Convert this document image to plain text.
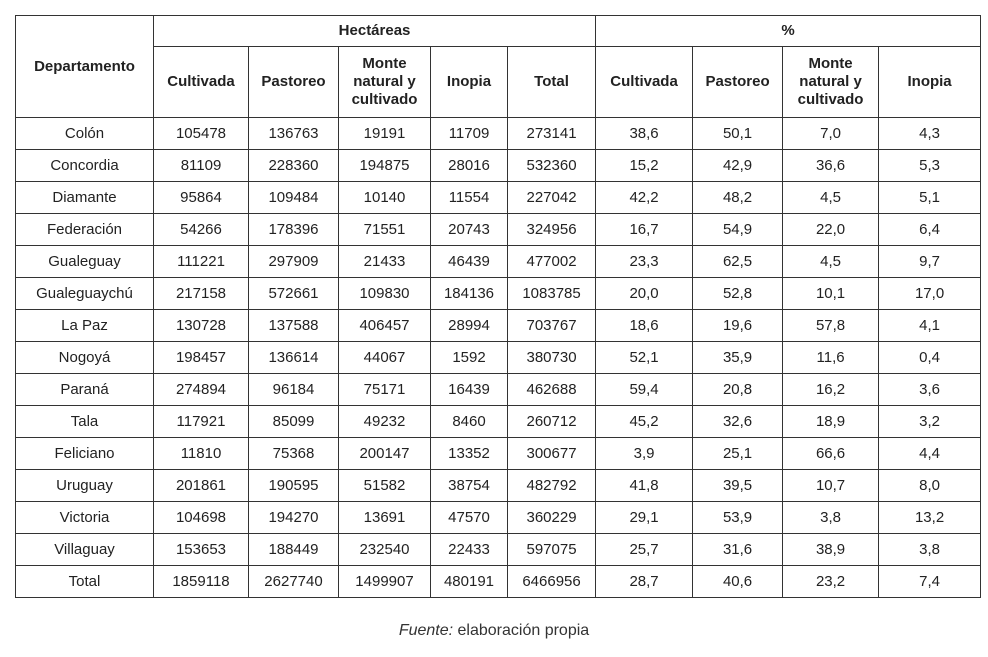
Departamento	Hectáreas					%			
	Cultivada	Pastoreo	Monte natural y cultivado	Inopia	Total	Cultivada	Pastoreo	Monte natural y cultivado	Inopia
Colón	105478	136763	19191	11709	273141	38,6	50,1	7,0	4,3
Concordia	81109	228360	194875	28016	532360	15,2	42,9	36,6	5,3
Diamante	95864	109484	10140	11554	227042	42,2	48,2	4,5	5,1
Federación	54266	178396	71551	20743	324956	16,7	54,9	22,0	6,4
Gualeguay	111221	297909	21433	46439	477002	23,3	62,5	4,5	9,7
Gualeguaychú	217158	572661	109830	184136	1083785	20,0	52,8	10,1	17,0
La Paz	130728	137588	406457	28994	703767	18,6	19,6	57,8	4,1
Nogoyá	198457	136614	44067	1592	380730	52,1	35,9	11,6	0,4
Paraná	274894	96184	75171	16439	462688	59,4	20,8	16,2	3,6
Tala	117921	85099	49232	8460	260712	45,2	32,6	18,9	3,2
Feliciano	11810	75368	200147	13352	300677	3,9	25,1	66,6	4,4
Uruguay	201861	190595	51582	38754	482792	41,8	39,5	10,7	8,0
Victoria	104698	194270	13691	47570	360229	29,1	53,9	3,8	13,2
Villaguay	153653	188449	232540	22433	597075	25,7	31,6	38,9	3,8
Total	1859118	2627740	1499907	480191	6466956	28,7	40,6	23,2	7,4
Fuente: elaboración propia
